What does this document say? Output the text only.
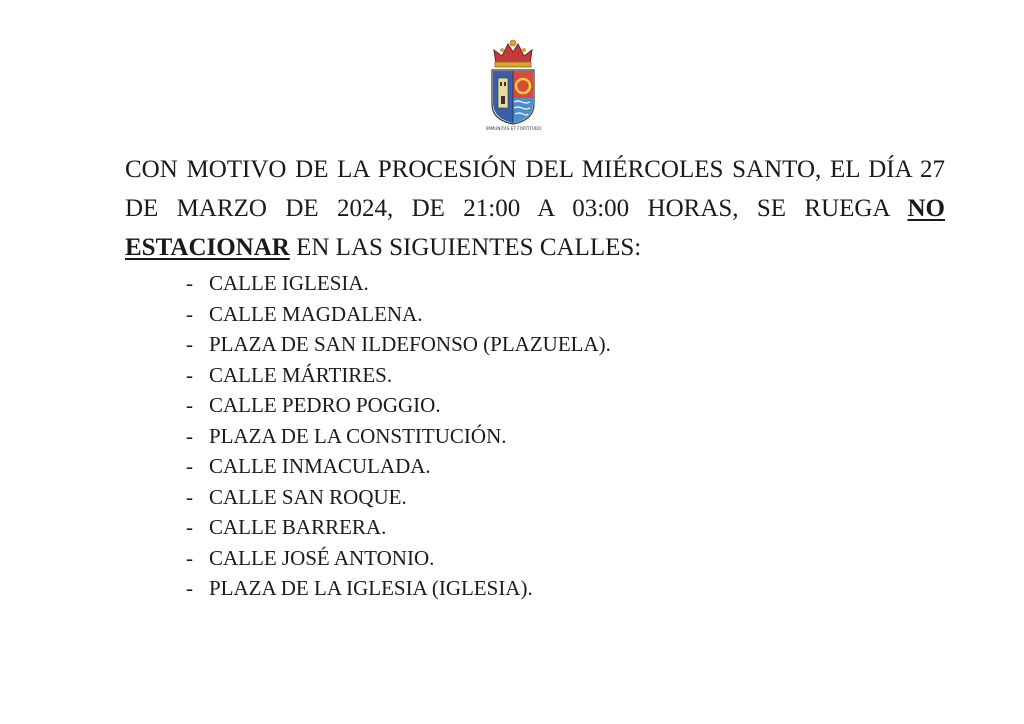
IMMUNITAS ET FORTITUDO

CON MOTIVO DE LA PROCESIÓN DEL MIÉRCOLES SANTO, EL DÍA 27 DE MARZO DE 2024, DE 21:00 A 03:00 HORAS, SE RUEGA NO ESTACIONAR EN LAS SIGUIENTES CALLES:

- CALLE IGLESIA.
- CALLE MAGDALENA.
- PLAZA DE SAN ILDEFONSO (PLAZUELA).
- CALLE MÁRTIRES.
- CALLE PEDRO POGGIO.
- PLAZA DE LA CONSTITUCIÓN.
- CALLE INMACULADA.
- CALLE SAN ROQUE.
- CALLE BARRERA.
- CALLE JOSÉ ANTONIO.
- PLAZA DE LA IGLESIA (IGLESIA).
